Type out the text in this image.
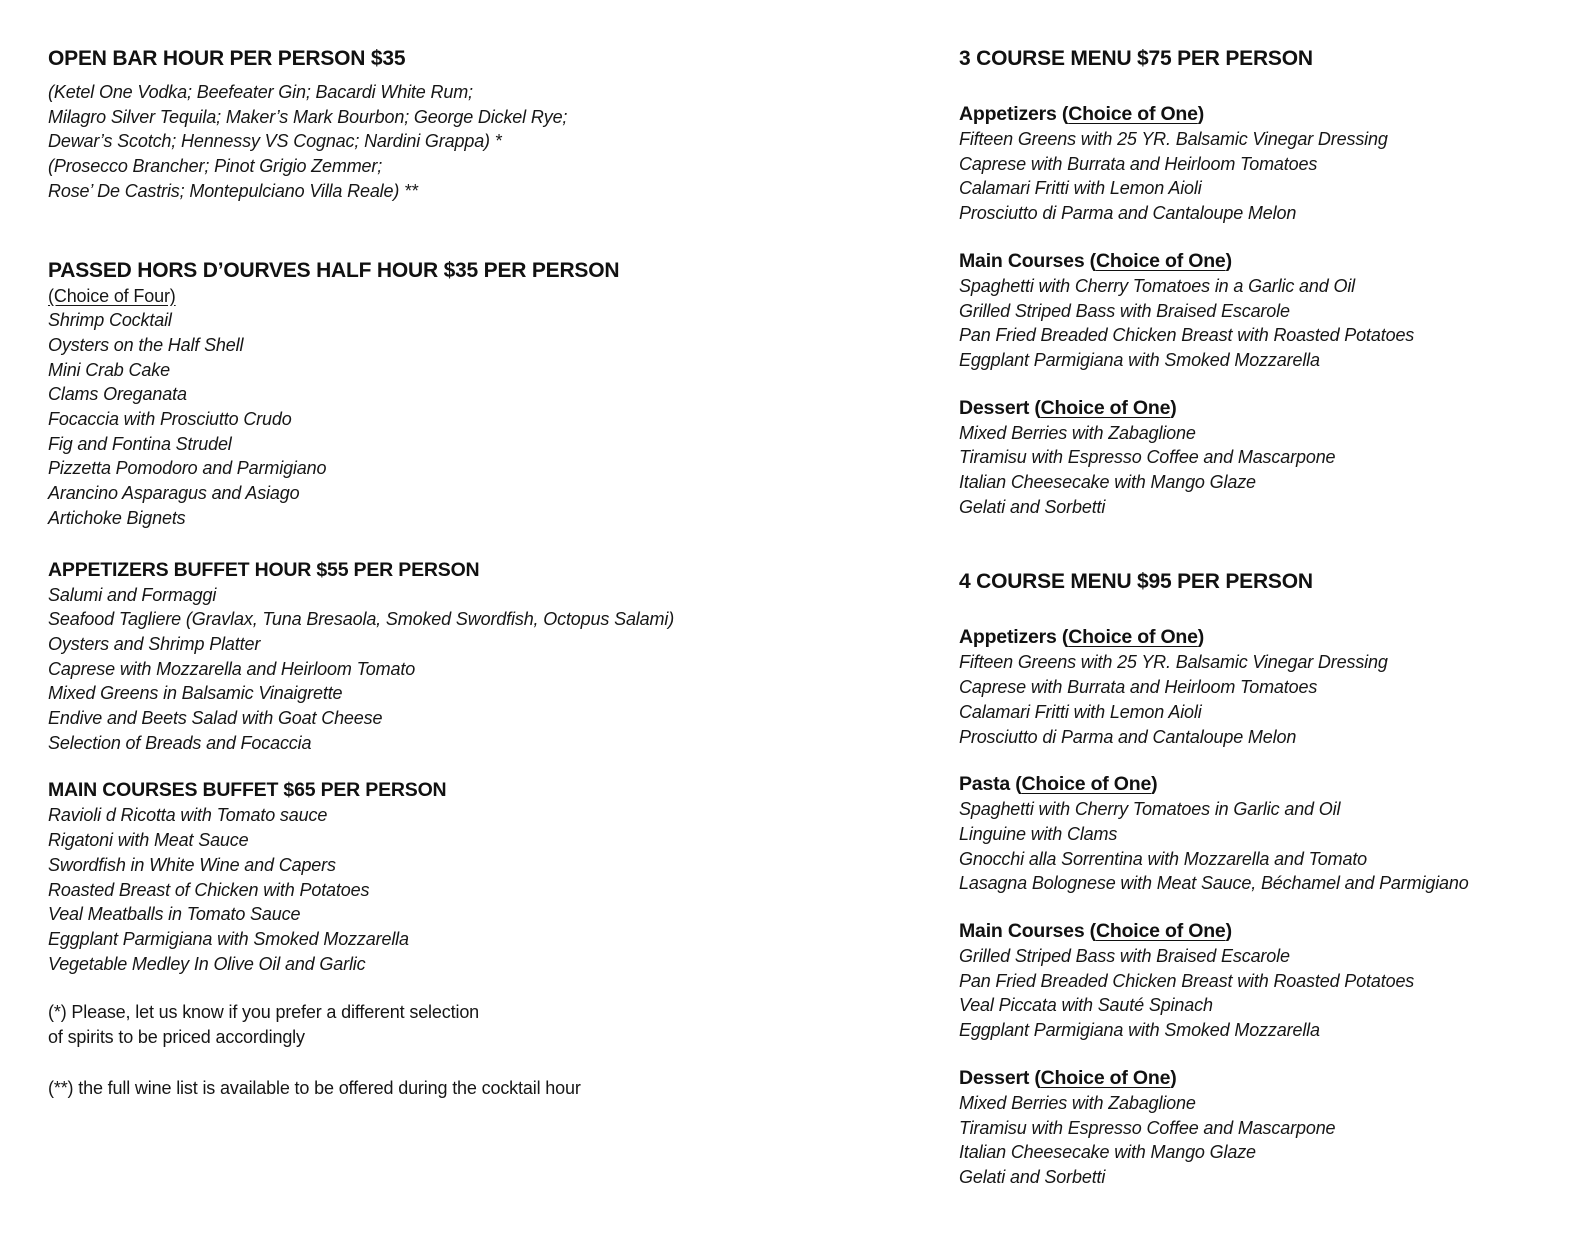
OPEN BAR HOUR PER PERSON $35

(Ketel One Vodka; Beefeater Gin; Bacardi White Rum;

Milagro Silver Tequila; Maker’s Mark Bourbon; George Dickel Rye;

Dewar’s Scotch; Hennessy VS Cognac; Nardini Grappa) *

(Prosecco Brancher; Pinot Grigio Zemmer;

Rose’ De Castris; Montepulciano Villa Reale) **

PASSED HORS D’OURVES HALF HOUR $35 PER PERSON

(Choice of Four)

Shrimp Cocktail

Oysters on the Half Shell

Mini Crab Cake

Clams Oreganata

Focaccia with Prosciutto Crudo

Fig and Fontina Strudel

Pizzetta Pomodoro and Parmigiano

Arancino Asparagus and Asiago

Artichoke Bignets

APPETIZERS BUFFET HOUR $55 PER PERSON

Salumi and Formaggi

Seafood Tagliere (Gravlax, Tuna Bresaola, Smoked Swordfish, Octopus Salami)

Oysters and Shrimp Platter

Caprese with Mozzarella and Heirloom Tomato

Mixed Greens in Balsamic Vinaigrette

Endive and Beets Salad with Goat Cheese

Selection of Breads and Focaccia

MAIN COURSES BUFFET $65 PER PERSON

Ravioli d Ricotta with Tomato sauce

Rigatoni with Meat Sauce

Swordfish in White Wine and Capers

Roasted Breast of Chicken with Potatoes

Veal Meatballs in Tomato Sauce

Eggplant Parmigiana with Smoked Mozzarella

Vegetable Medley In Olive Oil and Garlic

(*) Please, let us know if you prefer a different selection

of spirits to be priced accordingly

(**) the full wine list is available to be offered during the cocktail hour

3 COURSE MENU $75 PER PERSON
Appetizers (Choice of One)

Fifteen Greens with 25 YR. Balsamic Vinegar Dressing

Caprese with Burrata and Heirloom Tomatoes

Calamari Fritti with Lemon Aioli

Prosciutto di Parma and Cantaloupe Melon

Main Courses (Choice of One)

Spaghetti with Cherry Tomatoes in a Garlic and Oil

Grilled Striped Bass with Braised Escarole

Pan Fried Breaded Chicken Breast with Roasted Potatoes

Eggplant Parmigiana with Smoked Mozzarella

Dessert (Choice of One)

Mixed Berries with Zabaglione

Tiramisu with Espresso Coffee and Mascarpone

Italian Cheesecake with Mango Glaze

Gelati and Sorbetti

4 COURSE MENU $95 PER PERSON
Appetizers (Choice of One)

Fifteen Greens with 25 YR. Balsamic Vinegar Dressing

Caprese with Burrata and Heirloom Tomatoes

Calamari Fritti with Lemon Aioli

Prosciutto di Parma and Cantaloupe Melon

Pasta (Choice of One)

Spaghetti with Cherry Tomatoes in Garlic and Oil

Linguine with Clams

Gnocchi alla Sorrentina with Mozzarella and Tomato

Lasagna Bolognese with Meat Sauce, Béchamel and Parmigiano

Main Courses (Choice of One)

Grilled Striped Bass with Braised Escarole

Pan Fried Breaded Chicken Breast with Roasted Potatoes

Veal Piccata with Sauté Spinach

Eggplant Parmigiana with Smoked Mozzarella

Dessert (Choice of One)

Mixed Berries with Zabaglione

Tiramisu with Espresso Coffee and Mascarpone

Italian Cheesecake with Mango Glaze

Gelati and Sorbetti
